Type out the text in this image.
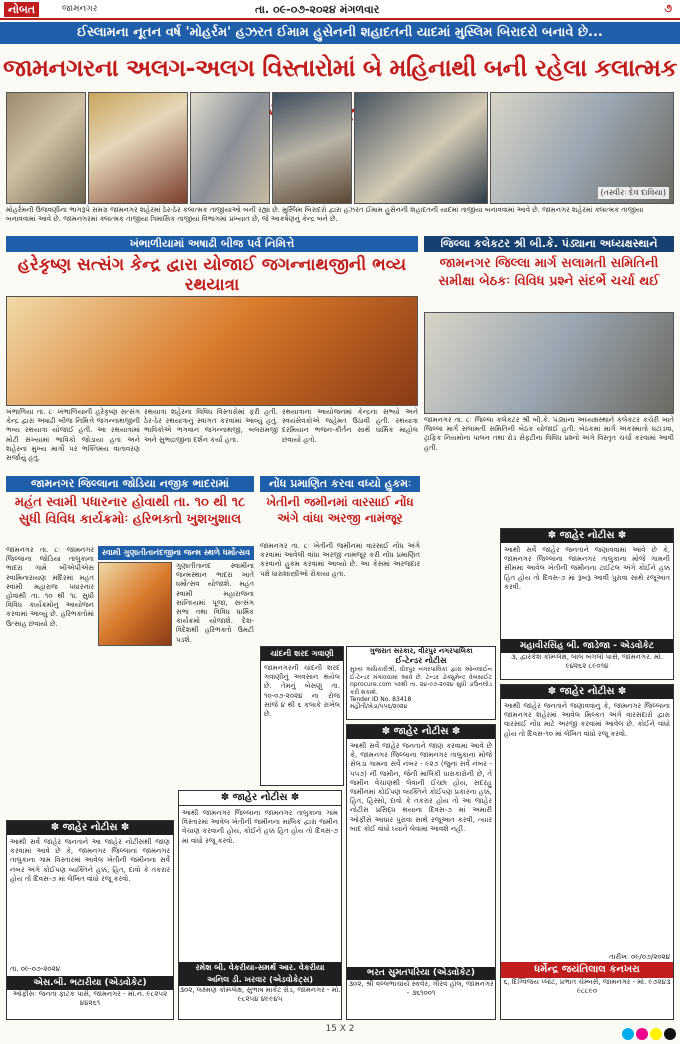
નોબત	જામનગર	તા. ૦૯-૦૭-૨૦૨૪ મંગળવાર	૭
ઈસ્લામના નૂતન વર્ષ 'મોહર્રમ' હઝરત ઈમામ હુસેનની શહાદતની યાદમાં મુસ્લિમ બિરાદરો બનાવે છે...
જામનગરના અલગ-અલગ વિસ્તારોમાં બે મહિનાથી બની રહેલા કલાત્મક
(તસ્વીરઃ દેવ દાવિયા)
મોહર્રમની ઉજવણીના ભાગરૂપે સમગ્ર જામનગર શહેરમાં ઠેર-ઠેર કલાત્મક તાજીયાઓ બની રહ્યા છે. મુસ્લિમ બિરાદરો દ્વારા હઝરત ઈમામ હુસેનની શહાદતની યાદમાં તાજીયા બનાવવામાં આવે છે. જામનગર શહેરમાં ક્લાત્મક તાજીયા બનાવવામાં આવે છે. જામનગરમાં ક્લાત્મક તાજીયા ત્રિમાસિક તાજીયા વિભાગમાં પ્રખ્યાત છે, જે આકર્ષણનું કેન્દ્ર બને છે.
ખંભાળીયામાં અષાઢી બીજ પર્વ નિમિત્તે
હરેકૃષ્ણ સત્સંગ કેન્દ્ર દ્વારા યોજાઈ જગન્નાથજીની ભવ્ય રથયાત્રા
ખંભાળિયા તા. ૮ઃ ખંભાળિયાની હરેકૃષ્ણ સત્સંગ કેન્દ્ર દ્વારા અષાઢી બીજ નિમિત્તે જગન્નાથજીની ભવ્ય રથયાત્રા યોજાઈ હતી. આ રથયાત્રામાં મોટી સંખ્યામાં ભાવિકો જોડાયા હતા અને શહેરના મુખ્ય માર્ગો પર ભક્તિમય વાતાવરણ સર્જાયું હતું.
રથયાત્રા શહેરના વિવિધ વિસ્તારોમાં ફરી હતી. ઠેર-ઠેર રથયાત્રાનું સ્વાગત કરવામાં આવ્યું હતું. ભાવિકોએ ભગવાન જગન્નાથજી, બલરામજી અને સુભદ્રાજીના દર્શન કર્યા હતા.
રથયાત્રાના આયોજનમાં કેન્દ્રના સભ્યો અને સ્વયંસેવકોએ જહેમત ઉઠાવી હતી. રથયાત્રા દરમિયાન ભજન-કીર્તન સાથે ધાર્મિક માહોલ છવાયો હતો.
જિલ્લા કલેકટર શ્રી બી.કે. પંડ્યાના અધ્યક્ષસ્થાને
જામનગર જિલ્લા માર્ગ સલામતી સમિતિની સમીક્ષા બેઠકઃ વિવિધ પ્રશ્ને સંદર્ભે ચર્ચા થઈ
જામનગર તા. ૮ઃ જિલ્લા કલેકટર શ્રી બી.કે. પંડ્યાના અધ્યક્ષસ્થાને કલેકટર કચેરી ખાતે જિલ્લા માર્ગ સલામતી સમિતિની બેઠક યોજાઈ હતી. બેઠકમાં માર્ગ અકસ્માતો ઘટાડવા, ટ્રાફિક નિયમોના પાલન તથા રોડ સેફ્ટીના વિવિધ પ્રશ્નો અંગે વિસ્તૃત ચર્ચા કરવામાં આવી હતી.
જામનગર જિલ્લાના જોડિયા નજીક ભાદરામાં
મહંત સ્વામી પધારનાર હોવાથી તા. ૧૦ થી ૧૮ સુધી વિવિધ કાર્યક્રમોઃ હરિભક્તો ખુશખુશાલ
જામનગર તા. ૮ઃ જામનગર જિલ્લાના જોડિયા તાલુકાના ભાદરા ગામે બીએપીએસ સ્વામિનારાયણ મંદિરમાં મહંત સ્વામી મહારાજ પધારનાર હોવાથી તા. ૧૦ થી ૧૮ સુધી વિવિધ કાર્યક્રમોનું આયોજન કરવામાં આવ્યું છે. હરિભક્તોમાં ઉત્સાહ છવાયો છે.
સ્વામી ગુણાતીતાનંદજીના જન્મ સ્થળે ધર્મોત્સવ
ગુણાતીતાનંદ સ્વામીના જન્મસ્થાન ભાદરા ખાતે ધર્મોત્સવ યોજાશે. મહંત સ્વામી મહારાજના સાંનિધ્યમાં પૂજા, સત્સંગ સભા તથા વિવિધ ધાર્મિક કાર્યક્રમો યોજાશે. દેશ-વિદેશથી હરિભક્તો ઉમટી પડશે.
નોંધ પ્રમાણિત કરવા વધ્યો હુકમઃ
ખેતીની જમીનમાં વારસાઈ નોંધ અંગે વાંધા અરજી નામંજૂર
જામનગર તા. ૮ઃ ખેતીની જમીનમાં વારસાઈ નોંધ અંગે કરવામાં આવેલી વાંધા અરજી નામંજૂર કરી નોંધ પ્રમાણિત કરવાનો હુકમ કરવામાં આવ્યો છે. આ કેસમાં અરજદાર પક્ષે ધારાશાસ્ત્રીઓ રોકાયા હતા.
ચાંદની શરદ ગવાણી
જામનગરની ચાંદની શરદ ગવાણીનું અવસાન થયેલ છે. તેમનું બેસણું તા. ૧૦-૦૭-૨૦૨૪ ના રોજ સાંજે ૪ થી ૬ કલાકે રાખેલ છે.
ગુજરાત સરકાર, વીરપુર નગરપાલિકા
ઈ-ટેન્ડર નોટીસ
મુખ્ય અધિકારીશ્રી, વીરપુર નગરપાલિકા દ્વારા ઓનલાઈન ઈ-ટેન્ડર મંગાવવામાં આવે છે. ટેન્ડર ડોક્યુમેન્ટ વેબસાઈટ nprocure.com પરથી તા. ૨૪-૦૭-૨૦૨૪ સુધી ડાઉનલોડ કરી શકાશે.
Tender ID No. 83418
મહીતી/ખેડા/૫૫૬/૨૦૨૪
✽ જાહેર નોટીસ ✽
આથી સર્વે જાહેર જનતાને જાણ કરવામાં આવે છે કે, જામનગર જિલ્લાના જામનગર તાલુકાના મોજે સેલડા ગામના સર્વે નંબર - ૯૨૭ (જુના સર્વે નંબર - ૫૫૭) ની જમીન, જેની માલિકી ધારાકારોની છે, તે જમીન વેચાણથી લેવાની ઈચ્છા હોય, સદરહુ જમીનમાં કોઈપણ વ્યક્તિને કોઈપણ પ્રકારના હક્ક, હિત, હિસ્સો, દાવો કે તકરાર હોય તો આ જાહેર નોટીસ પ્રસિદ્ધ થયાના દિવસ-૭ માં અમારી ઓફીસે આધાર પુરાવા સાથે રજૂઆત કરવી, ત્યાર બાદ કોઈ વાંધો ધ્યાને લેવામાં આવશે નહીં.
ભરત સુમતપરિયા (એડવોકેટ)
૩૦૨, શ્રી વલ્લભાચાર્ય સ્કવેર, ગૌરવ હોલ, જામનગર - ૩૬૧૦૦૧
✽ જાહેર નોટીસ ✽
આથી સર્વે જાહેર જનતાને આ જાહેર નોટીસથી જાણ કરવામાં આવે છે કે, જામનગર જિલ્લાના જામનગર તાલુકાના ગામ વિસ્તારમાં આવેલ ખેતીની જમીનના સર્વે નંબર અંગે કોઈપણ વ્યક્તિને હક્ક, હિત, દાવો કે તકરાર હોય તો દિવસ-૭ માં લેખિત વાંધો રજૂ કરવો.
તા. ૦૯-૦૭-૨૦૨૪
એસ.બી. ભટારીયા (એડવોકેટ)
ઓફીસઃ જનતા ફાટક પાસે, જામનગર - મો.નં. ૯૮૨૫૨ ૪૪૨૬૧
✽ જાહેર નોટીસ ✽
આથી જામનગર જિલ્લાના જામનગર તાલુકાના ગામ વિસ્તારમાં આવેલ ખેતીની જમીનના માલિક દ્વારા જમીન વેચાણ કરવાની હોય, કોઈને હક્ક હિત હોય તો દિવસ-૭ માં વાંધો રજૂ કરવો.
રમેશ બી. વેકરીયા-સમર્થ આર. વેકરીયા
અનિલ ડી. ખરવાર (એડવોકેટ્સ)
૩૦૨, લક્ષ્મણ કોમ્પ્લેક્ષ, સુભાષ માર્કેટ રોડ, જામનગર - મો. ૯૮૨૫૪ ૪૯૯૪૫
✽ જાહેર નોટીસ ✽
આથી સર્વે જાહેર જનતાને જણાવવામાં આવે છે કે, જામનગર જિલ્લાના જામનગર તાલુકાના મોજે ગામની સીમમાં આવેલ ખેતીની જમીનના ટાઈટલ અંગે કોઈને હક્ક હિત હોય તો દિવસ-૭ માં રૂબરૂ આવી પુરાવા સાથે રજૂઆત કરવી.
મહાવીરસિંહ બી. જાડેજા - એડવોકેટ
૩, દ્વારકેશ કોમ્પ્લેક્ષ, લાલ બંગલો પાસે, જામનગર. મો. ૯૪૨૬૨ ૮૯૦૧૪
✽ જાહેર નોટીસ ✽
આથી જાહેર જનતાને જણાવવાનું કે, જામનગર જિલ્લાના જામનગર શહેરમાં આવેલ મિલ્કત અંગે વારસદારો દ્વારા વારસાઈ નોંધ માટે અરજી કરવામાં આવેલ છે. કોઈને વાંધો હોય તો દિવસ-૧૦ માં લેખિત વાંધો રજૂ કરવો.
તારીખઃ ૦૯/૦૭/૨૦૨૪
ધર્મેન્દ્ર જયંતિલાલ કનખરા
૬, દિગ્વિજય પ્લોટ, પ્રભાત ચેમ્બર્સ, જામનગર - મો. ૯૭૨૪૩ ૯૮૮૯૦
15 X 2
